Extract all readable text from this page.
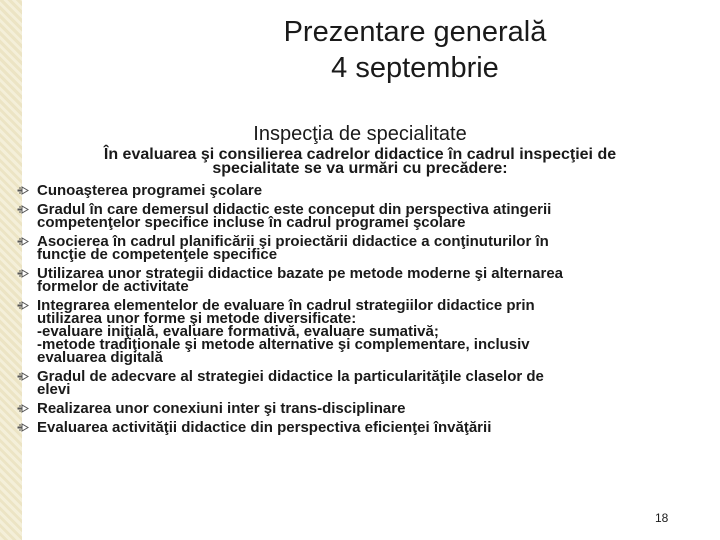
Prezentare generală
4 septembrie
Inspecţia de specialitate
În evaluarea şi consilierea cadrelor didactice în cadrul inspecţiei de
specialitate se va urmări cu precădere:
Cunoaşterea programei şcolare
Gradul în care demersul didactic este conceput din perspectiva atingerii
competenţelor specifice incluse în cadrul programei şcolare
Asocierea în cadrul planificării şi proiectării didactice a conţinuturilor în
funcţie de competenţele specifice
Utilizarea unor strategii didactice bazate pe metode moderne şi alternarea
formelor de activitate
Integrarea elementelor de evaluare în cadrul strategiilor didactice prin
utilizarea unor forme şi metode diversificate:
-evaluare iniţială, evaluare formativă, evaluare sumativă;
-metode tradiţionale şi metode alternative şi complementare, inclusiv
evaluarea digitală
Gradul de adecvare al strategiei didactice la particularităţile claselor de
elevi
Realizarea unor conexiuni inter şi trans-disciplinare
Evaluarea activităţii didactice din perspectiva eficienţei învăţării
18
